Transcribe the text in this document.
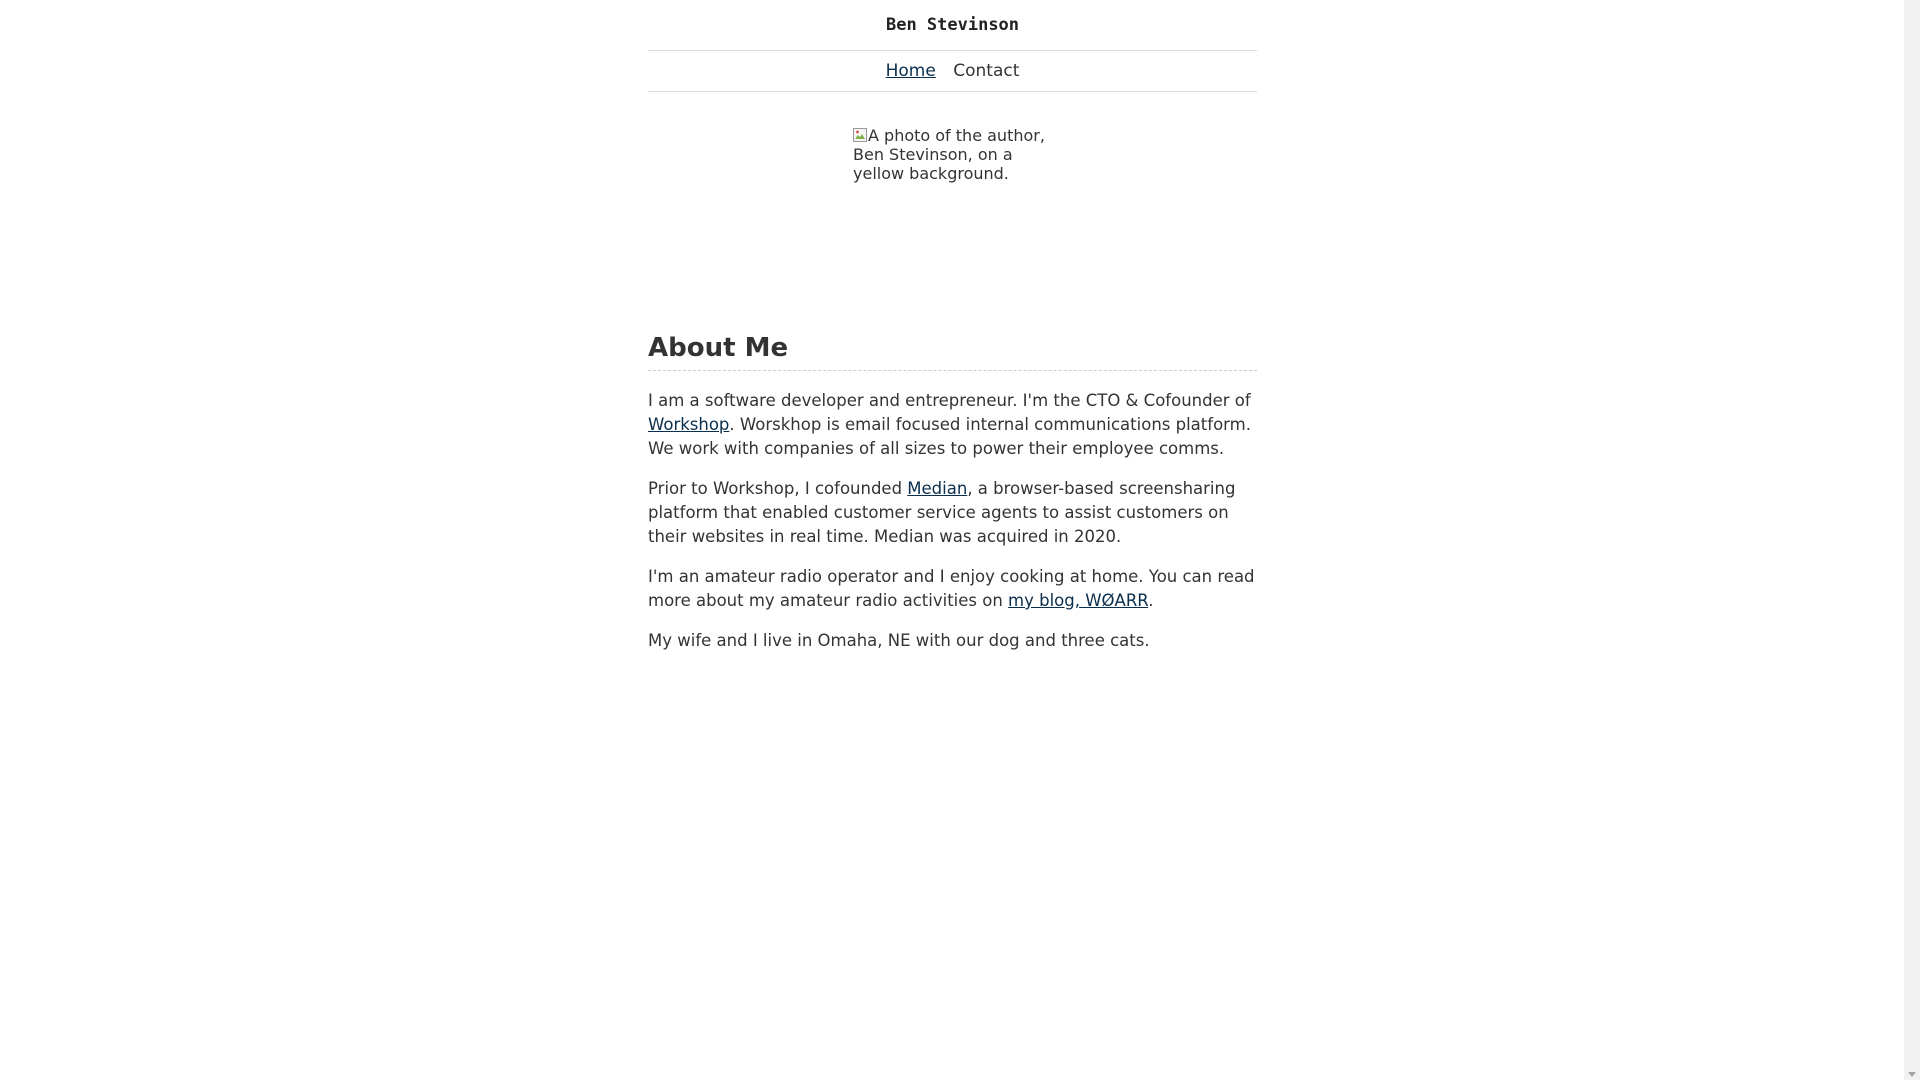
Ben Stevinson
Home Contact
A photo of the author, Ben Stevinson, on a yellow background.
About Me

I am a software developer and entrepreneur. I'm the CTO & Cofounder of Workshop. Worskhop is email focused internal communications platform. We work with companies of all sizes to power their employee comms.

Prior to Workshop, I cofounded Median, a browser-based screensharing platform that enabled customer service agents to assist customers on their websites in real time. Median was acquired in 2020.

I'm an amateur radio operator and I enjoy cooking at home. You can read more about my amateur radio activities on my blog, WØARR.

My wife and I live in Omaha, NE with our dog and three cats.
